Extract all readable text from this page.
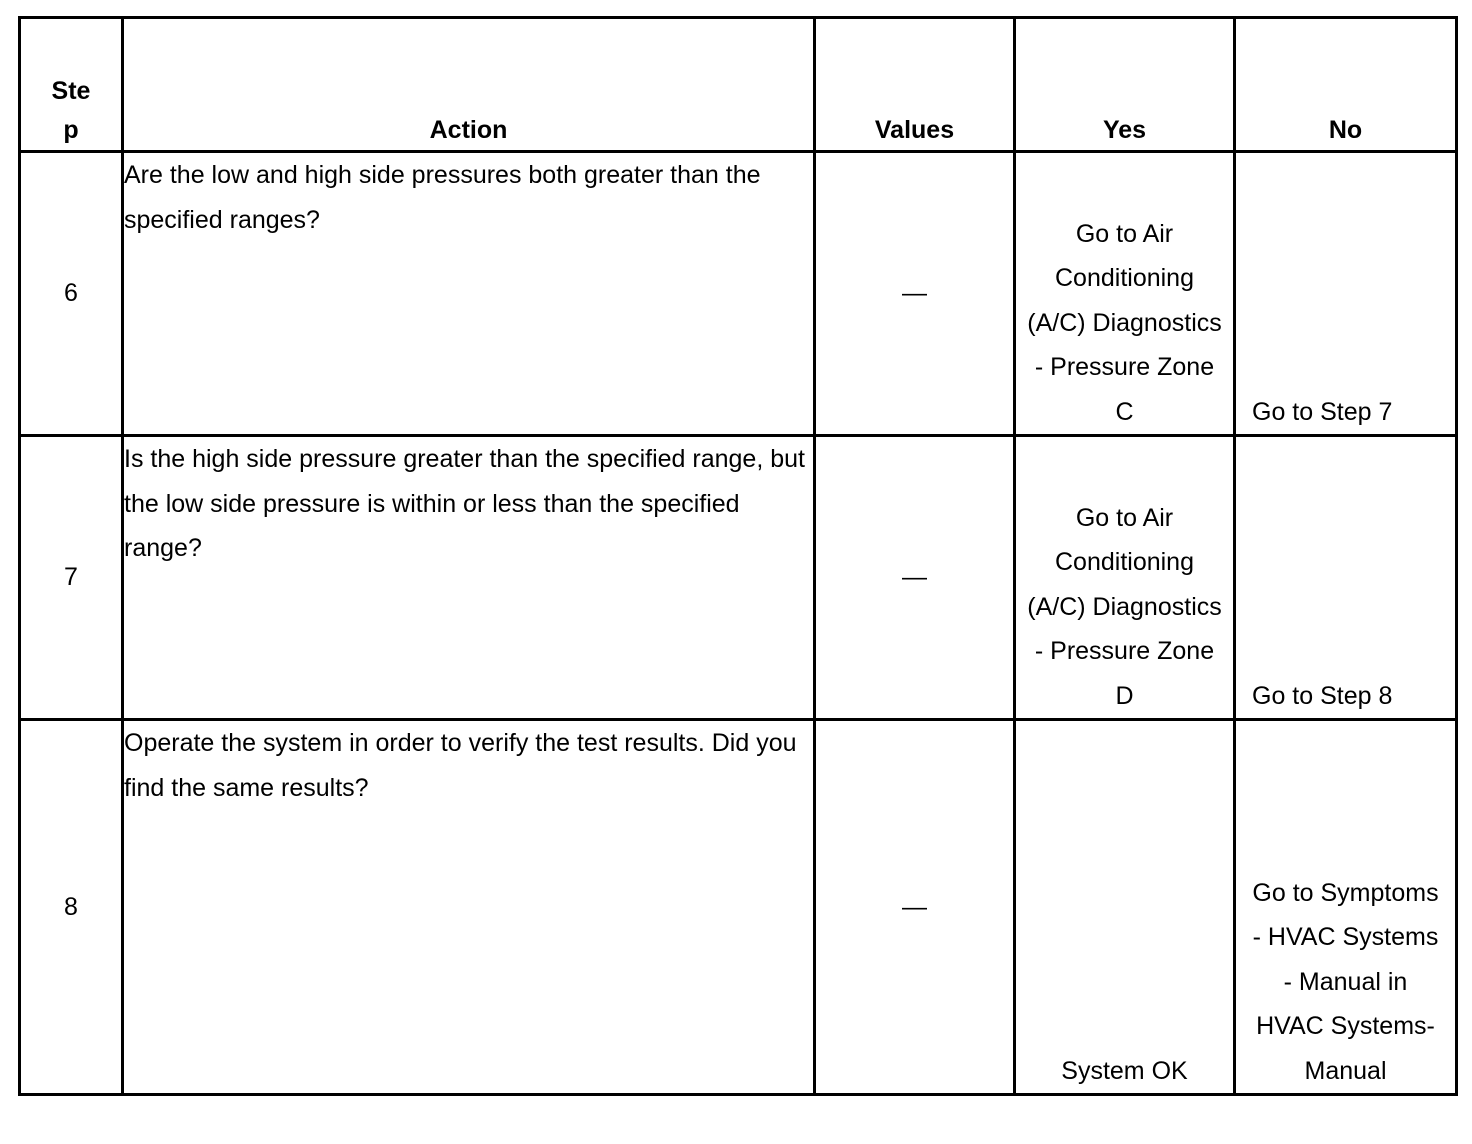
Step	Action	Values	Yes	No
6	Are the low and high side pressures both greater than the specified ranges?	—	Go to Air Conditioning (A/C) Diagnostics - Pressure Zone C	Go to Step 7
7	Is the high side pressure greater than the specified range, but the low side pressure is within or less than the specified range?	—	Go to Air Conditioning (A/C) Diagnostics - Pressure Zone D	Go to Step 8
8	Operate the system in order to verify the test results. Did you find the same results?	—	System OK	Go to Symptoms - HVAC Systems - Manual in HVAC Systems-Manual
